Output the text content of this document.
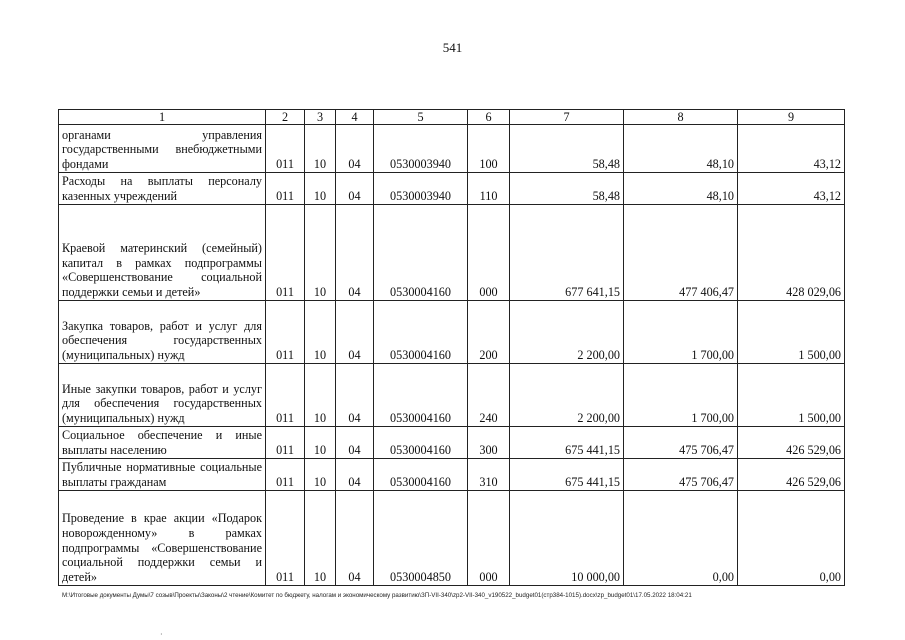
541
1	2	3	4	5	6	7	8	9
органами управления государственными внебюджетными фондами	011	10	04	0530003940	100	58,48	48,10	43,12
Расходы на выплаты персоналу казенных учреждений	011	10	04	0530003940	110	58,48	48,10	43,12
Краевой материнский (семейный) капитал в рамках подпрограммы «Совершенствование социальной поддержки семьи и детей»	011	10	04	0530004160	000	677 641,15	477 406,47	428 029,06
Закупка товаров, работ и услуг для обеспечения государственных (муниципальных) нужд	011	10	04	0530004160	200	2 200,00	1 700,00	1 500,00
Иные закупки товаров, работ и услуг для обеспечения государственных (муниципальных) нужд	011	10	04	0530004160	240	2 200,00	1 700,00	1 500,00
Социальное обеспечение и иные выплаты населению	011	10	04	0530004160	300	675 441,15	475 706,47	426 529,06
Публичные нормативные социальные выплаты гражданам	011	10	04	0530004160	310	675 441,15	475 706,47	426 529,06
Проведение в крае акции «Подарок новорожденному» в рамках подпрограммы «Совершенствование социальной поддержки семьи и детей»	011	10	04	0530004850	000	10 000,00	0,00	0,00
M:\Итоговые документы Думы\7 созыв\Проекты\Законы\2 чтение\Комитет по бюджету, налогам и экономическому развитию\ЗП-VII-340\zp2-VII-340_v190522_budget01(стр384-1015).docx\zp_budget01\17.05.2022 18:04:21
·
